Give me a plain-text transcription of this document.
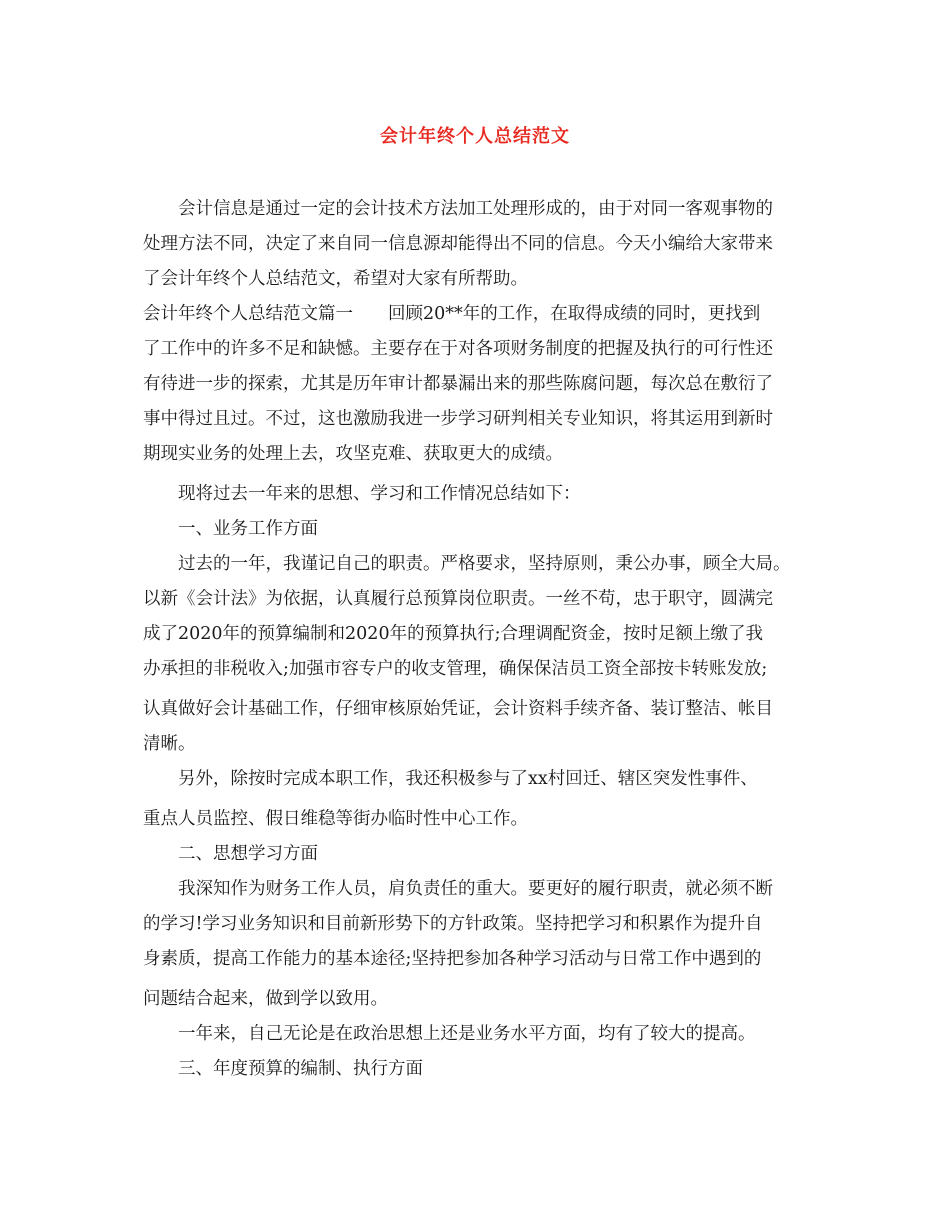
会计年终个人总结范文
会计信息是通过一定的会计技术方法加工处理形成的，由于对同一客观事物的
处理方法不同，决定了来自同一信息源却能得出不同的信息。今天小编给大家带来
了会计年终个人总结范文，希望对大家有所帮助。
会计年终个人总结范文篇一　　回顾20**年的工作，在取得成绩的同时，更找到
了工作中的许多不足和缺憾。主要存在于对各项财务制度的把握及执行的可行性还
有待进一步的探索，尤其是历年审计都暴漏出来的那些陈腐问题，每次总在敷衍了
事中得过且过。不过，这也激励我进一步学习研判相关专业知识，将其运用到新时
期现实业务的处理上去，攻坚克难、获取更大的成绩。
现将过去一年来的思想、学习和工作情况总结如下：
一、业务工作方面
过去的一年，我谨记自己的职责。严格要求，坚持原则，秉公办事，顾全大局。
以新《会计法》为依据，认真履行总预算岗位职责。一丝不苟，忠于职守，圆满完
成了2020年的预算编制和2020年的预算执行;合理调配资金，按时足额上缴了我
办承担的非税收入;加强市容专户的收支管理，确保保洁员工资全部按卡转账发放;
认真做好会计基础工作，仔细审核原始凭证，会计资料手续齐备、装订整洁、帐目
清晰。
另外，除按时完成本职工作，我还积极参与了xx村回迁、辖区突发性事件、
重点人员监控、假日维稳等街办临时性中心工作。
二、思想学习方面
我深知作为财务工作人员，肩负责任的重大。要更好的履行职责，就必须不断
的学习!学习业务知识和目前新形势下的方针政策。坚持把学习和积累作为提升自
身素质，提高工作能力的基本途径;坚持把参加各种学习活动与日常工作中遇到的
问题结合起来，做到学以致用。
一年来，自己无论是在政治思想上还是业务水平方面，均有了较大的提高。
三、年度预算的编制、执行方面
